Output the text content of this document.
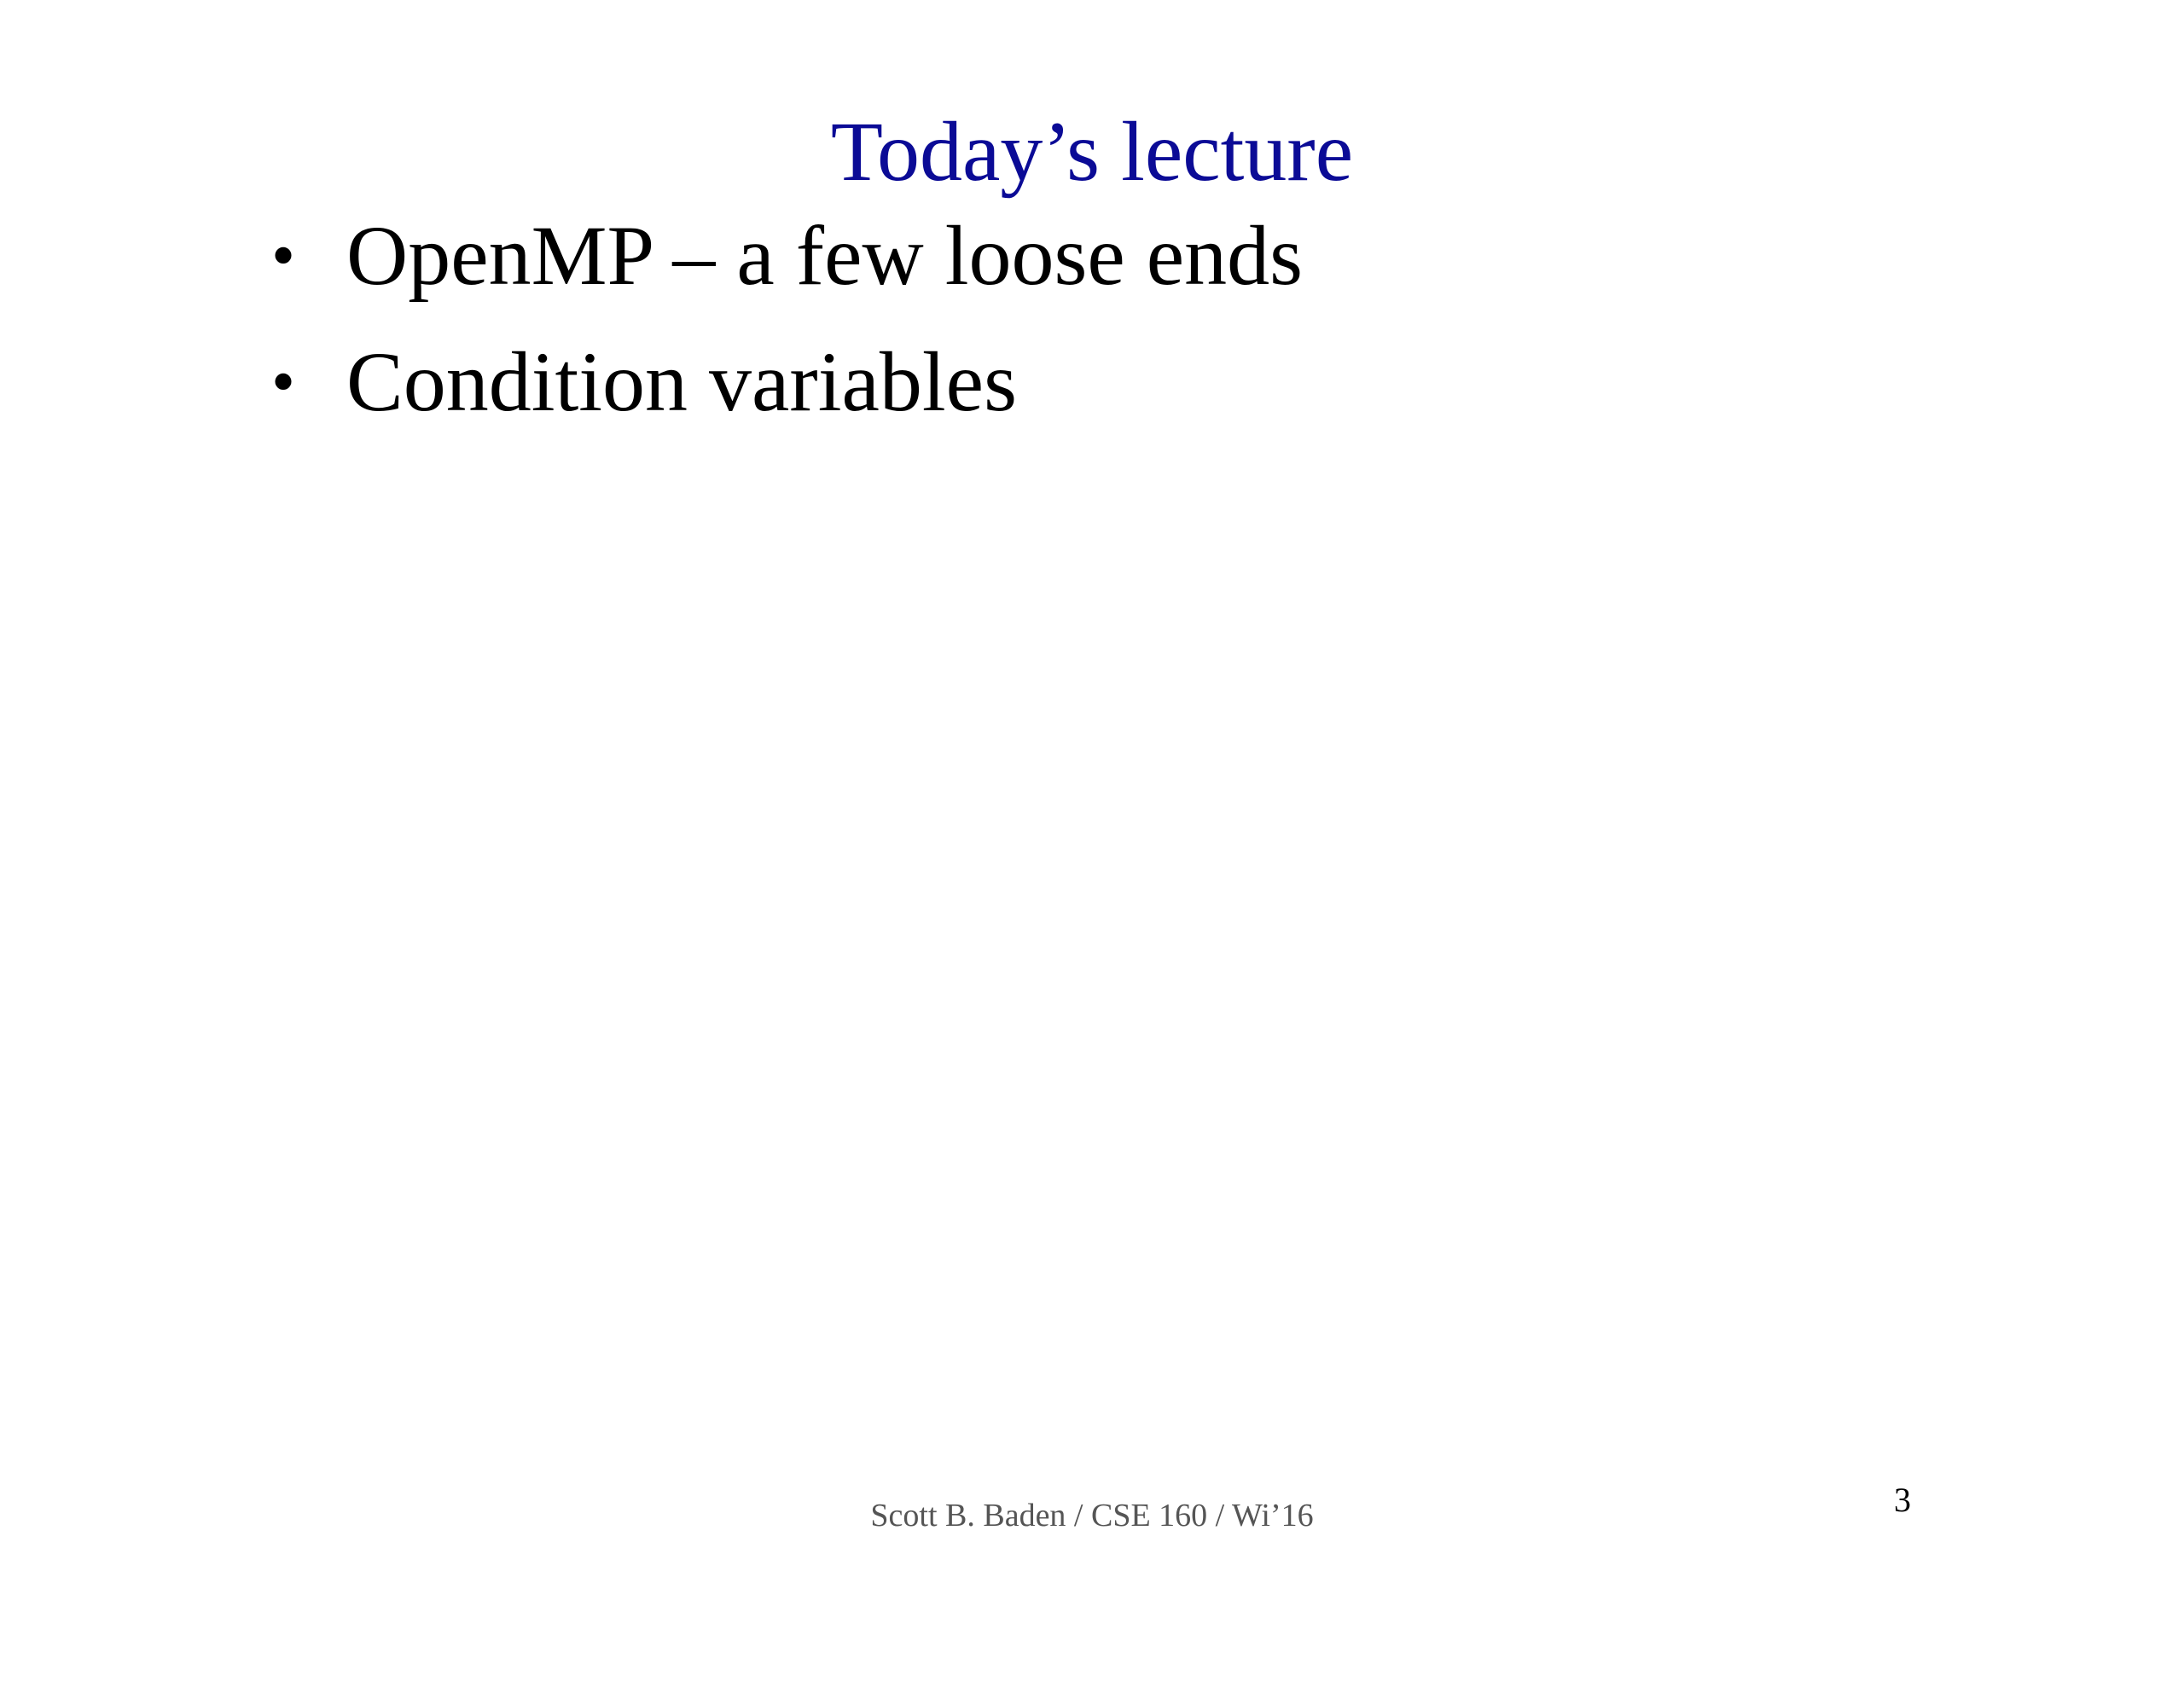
Today’s lecture
• OpenMP – a few loose ends
• Condition variables
Scott B. Baden / CSE 160 / Wi’16	3
